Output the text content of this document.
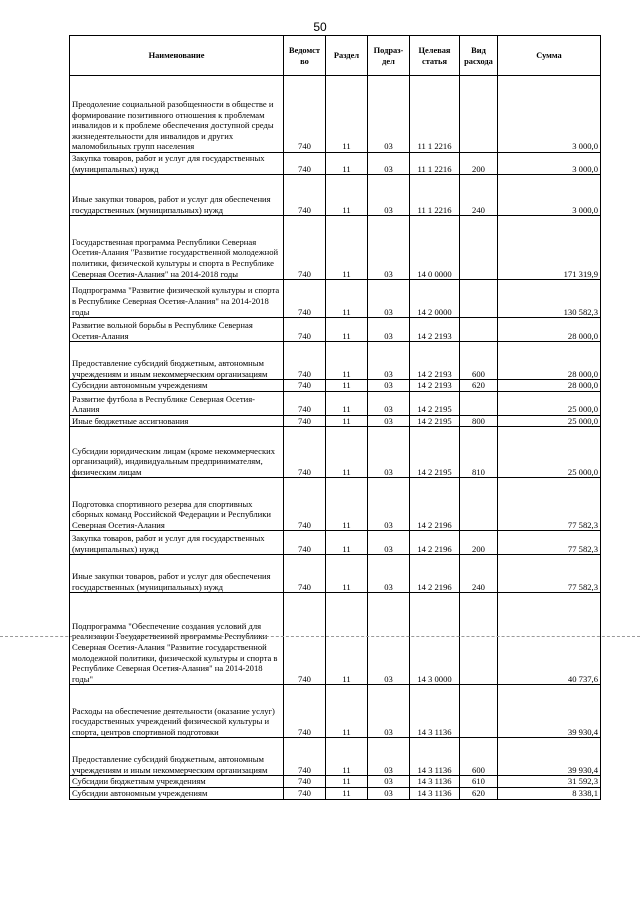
50
Наименование	Ведомст во	Раздел	Подраз- дел	Целевая статья	Вид расхода	Сумма
Преодоление социальной разобщенности в обществе и формирование позитивного отношения к проблемам инвалидов и к проблеме обеспечения доступной среды жизнедеятельности для инвалидов и других маломобильных групп населения	740	11	03	11 1 2216		3 000,0
Закупка товаров, работ и услуг для государственных (муниципальных) нужд	740	11	03	11 1 2216	200	3 000,0
Иные закупки товаров, работ и услуг для обеспечения государственных (муниципальных) нужд	740	11	03	11 1 2216	240	3 000,0
Государственная программа Республики Северная Осетия-Алания "Развитие государственной молодежной политики, физической культуры и спорта в Республике Северная Осетия-Алания" на 2014-2018 годы	740	11	03	14 0 0000		171 319,9
Подпрограмма "Развитие физической культуры и спорта в Республике Северная Осетия-Алания" на 2014-2018 годы	740	11	03	14 2 0000		130 582,3
Развитие вольной борьбы в Республике Северная Осетия-Алания	740	11	03	14 2 2193		28 000,0
Предоставление субсидий бюджетным, автономным учреждениям и иным некоммерческим организациям	740	11	03	14 2 2193	600	28 000,0
Субсидии автономным учреждениям	740	11	03	14 2 2193	620	28 000,0
Развитие футбола в Республике Северная Осетия-Алания	740	11	03	14 2 2195		25 000,0
Иные бюджетные ассигнования	740	11	03	14 2 2195	800	25 000,0
Субсидии юридическим лицам (кроме некоммерческих организаций), индивидуальным предпринимателям, физическим лицам	740	11	03	14 2 2195	810	25 000,0
Подготовка спортивного резерва для спортивных сборных команд Российской Федерации и Республики Северная Осетия-Алания	740	11	03	14 2 2196		77 582,3
Закупка товаров, работ и услуг для государственных (муниципальных) нужд	740	11	03	14 2 2196	200	77 582,3
Иные закупки товаров, работ и услуг для обеспечения государственных (муниципальных) нужд	740	11	03	14 2 2196	240	77 582,3
Подпрограмма "Обеспечение создания условий для реализации Государственной программы Республики Северная Осетия-Алания "Развитие государственной молодежной политики, физической культуры и спорта в Республике Северная Осетия-Алания" на 2014-2018 годы"	740	11	03	14 3 0000		40 737,6
Расходы на обеспечение деятельности (оказание услуг) государственных учреждений физической культуры и спорта, центров спортивной подготовки	740	11	03	14 3 1136		39 930,4
Предоставление субсидий бюджетным, автономным учреждениям и иным некоммерческим организациям	740	11	03	14 3 1136	600	39 930,4
Субсидии бюджетным учреждениям	740	11	03	14 3 1136	610	31 592,3
Субсидии автономным учреждениям	740	11	03	14 3 1136	620	8 338,1
